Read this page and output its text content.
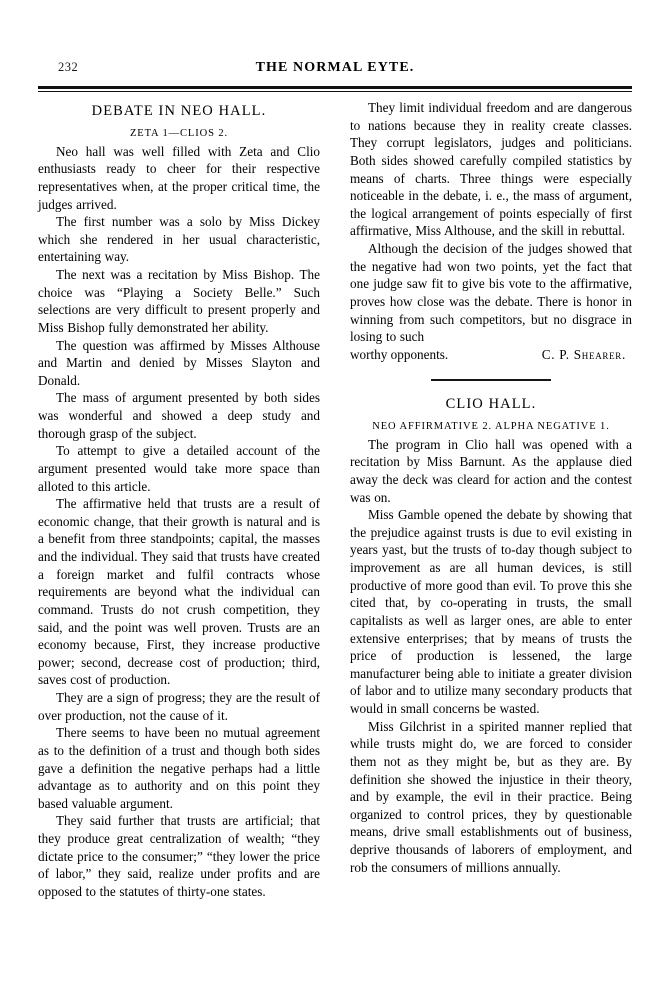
232	THE NORMAL EYTE.
DEBATE IN NEO HALL.
ZETA 1—CLIOS 2.

Neo hall was well filled with Zeta and Clio enthusiasts ready to cheer for their respective representatives when, at the proper critical time, the judges arrived.

The first number was a solo by Miss Dickey which she rendered in her usual characteristic, entertaining way.

The next was a recitation by Miss Bishop. The choice was “Playing a Society Belle.” Such selections are very difficult to present properly and Miss Bishop fully demonstrated her ability.

The question was affirmed by Misses Althouse and Martin and denied by Misses Slayton and Donald.

The mass of argument presented by both sides was wonderful and showed a deep study and thorough grasp of the subject.

To attempt to give a detailed account of the argument presented would take more space than alloted to this article.

The affirmative held that trusts are a result of economic change, that their growth is natural and is a benefit from three standpoints; capital, the masses and the individual. They said that trusts have created a foreign market and fulfil contracts whose requirements are beyond what the individual can command. Trusts do not crush competition, they said, and the point was well proven. Trusts are an economy because, First, they increase productive power; second, decrease cost of production; third, saves cost of production.

They are a sign of progress; they are the result of over production, not the cause of it.

There seems to have been no mutual agreement as to the definition of a trust and though both sides gave a definition the negative perhaps had a little advantage as to authority and on this point they based valuable argument.

They said further that trusts are artificial; that they produce great centralization of wealth; “they dictate price to the consumer;” “they lower the price of labor,” they said, realize under profits and are opposed to the statutes of thirty-one states.

They limit individual freedom and are dangerous to nations because they in reality create classes. They corrupt legislators, judges and politicians. Both sides showed carefully compiled statistics by means of charts. Three things were especially noticeable in the debate, i. e., the mass of argument, the logical arrangement of points especially of first affirmative, Miss Althouse, and the skill in rebuttal.

Although the decision of the judges showed that the negative had won two points, yet the fact that one judge saw fit to give bis vote to the affirmative, proves how close was the debate. There is honor in winning from such competitors, but no disgrace in losing to such

worthy opponents.	C. P. Shearer.
CLIO HALL.
NEO AFFIRMATIVE 2. ALPHA NEGATIVE 1.

The program in Clio hall was opened with a recitation by Miss Barnunt. As the applause died away the deck was cleard for action and the contest was on.

Miss Gamble opened the debate by showing that the prejudice against trusts is due to evil existing in years yast, but the trusts of to-day though subject to improvement as are all human devices, is still productive of more good than evil. To prove this she cited that, by co-operating in trusts, the small capitalists as well as larger ones, are able to enter extensive enterprises; that by means of trusts the price of production is lessened, the large manufacturer being able to initiate a greater division of labor and to utilize many secondary products that would in small concerns be wasted.

Miss Gilchrist in a spirited manner replied that while trusts might do, we are forced to consider them not as they might be, but as they are. By definition she showed the injustice in their theory, and by example, the evil in their practice. Being organized to control prices, they by questionable means, drive small establishments out of business, deprive thousands of laborers of employment, and rob the consumers of millions annually.
